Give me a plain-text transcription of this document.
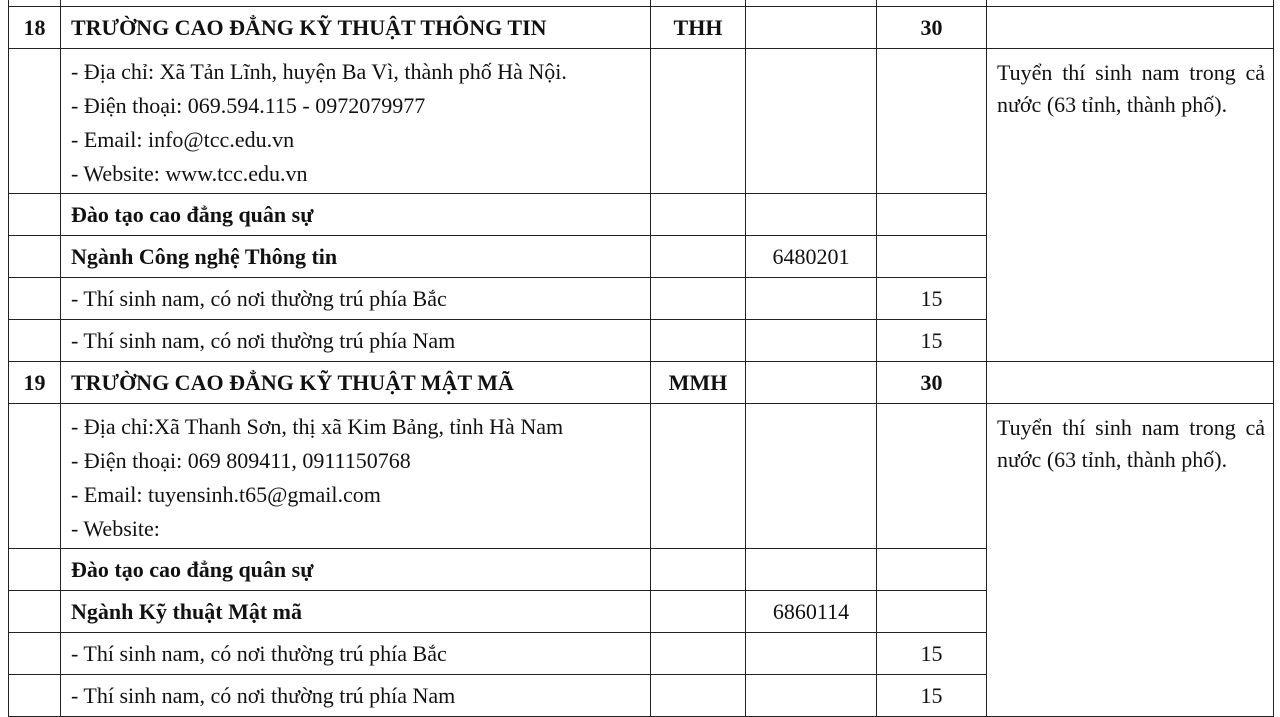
18	TRƯỜNG CAO ĐẲNG KỸ THUẬT THÔNG TIN	THH		30	

	- Địa chỉ: Xã Tản Lĩnh, huyện Ba Vì, thành phố Hà Nội.
- Điện thoại: 069.594.115 - 0972079977
- Email: info@tcc.edu.vn
- Website: www.tcc.edu.vn				Tuyển thí sinh nam trong cả nước (63 tỉnh, thành phố).

	Đào tạo cao đẳng quân sự				
	Ngành Công nghệ Thông tin		6480201		
	- Thí sinh nam, có nơi thường trú phía Bắc			15	
	- Thí sinh nam, có nơi thường trú phía Nam			15	
19	TRƯỜNG CAO ĐẲNG KỸ THUẬT MẬT MÃ	MMH		30	

	- Địa chỉ:Xã Thanh Sơn, thị xã Kim Bảng, tỉnh Hà Nam
- Điện thoại: 069 809411, 0911150768
- Email: tuyensinh.t65@gmail.com
- Website:				Tuyển thí sinh nam trong cả nước (63 tỉnh, thành phố).

	Đào tạo cao đẳng quân sự				
	Ngành Kỹ thuật Mật mã		6860114		
	- Thí sinh nam, có nơi thường trú phía Bắc			15	
	- Thí sinh nam, có nơi thường trú phía Nam			15	
